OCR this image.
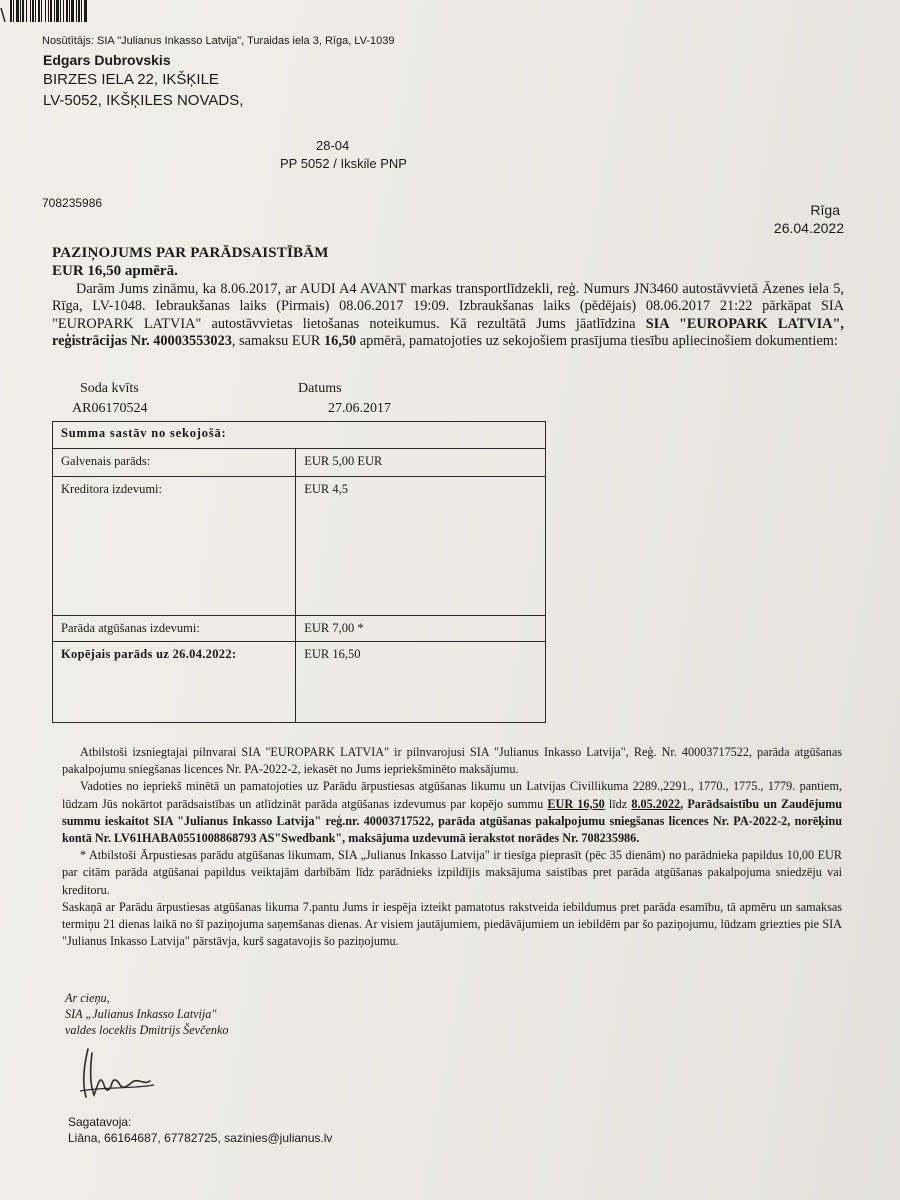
Nosūtītājs: SIA "Julianus Inkasso Latvija", Turaidas iela 3, Rīga, LV-1039
Edgars Dubrovskis
BIRZES IELA 22, IKŠĶILE
LV-5052, IKŠĶILES NOVADS,

28-04
PP 5052 / Ikskile PNP
708235986	Rīga
26.04.2022
PAZIŅOJUMS PAR PARĀDSAISTĪBĀM
EUR 16,50 apmērā.
Darām Jums zināmu, ka 8.06.2017, ar AUDI A4 AVANT markas transportlīdzekli, reģ. Numurs JN3460 autostāvvietā Āzenes iela 5, Rīga, LV-1048. Iebraukšanas laiks (Pirmais) 08.06.2017 19:09. Izbraukšanas laiks (pēdējais) 08.06.2017 21:22 pārkāpat SIA "EUROPARK LATVIA" autostāvvietas lietošanas noteikumus. Kā rezultātā Jums jāatlīdzina SIA "EUROPARK LATVIA", reģistrācijas Nr. 40003553023, samaksu EUR 16,50 apmērā, pamatojoties uz sekojošiem prasījuma tiesību apliecinošiem dokumentiem:
Soda kvīts	Datums
AR06170524	27.06.2017
Summa sastāv no sekojošā:	
Galvenais parāds:	EUR 5,00 EUR
Kreditora izdevumi:	EUR 4,5
Parāda atgūšanas izdevumi:	EUR 7,00 *
Kopējais parāds uz 26.04.2022:	EUR 16,50

Atbilstoši izsniegtajai pilnvarai SIA "EUROPARK LATVIA" ir pilnvarojusi SIA "Julianus Inkasso Latvija", Reģ. Nr. 40003717522, parāda atgūšanas pakalpojumu sniegšanas licences Nr. PA-2022-2, iekasēt no Jums iepriekšminēto maksājumu.

Vadoties no iepriekš minētā un pamatojoties uz Parādu ārpustiesas atgūšanas likumu un Latvijas Civillikuma 2289.,2291., 1770., 1775., 1779. pantiem, lūdzam Jūs nokārtot parādsaistības un atlīdzināt parāda atgūšanas izdevumus par kopējo summu EUR 16,50 līdz 8.05.2022, Parādsaistību un Zaudējumu summu ieskaitot SIA "Julianus Inkasso Latvija" reģ.nr. 40003717522, parāda atgūšanas pakalpojumu sniegšanas licences Nr. PA-2022-2, norēķinu kontā Nr. LV61HABA0551008868793 AS"Swedbank", maksājuma uzdevumā ierakstot norādes Nr. 708235986.

* Atbilstoši Ārpustiesas parādu atgūšanas likumam, SIA „Julianus Inkasso Latvija" ir tiesīga pieprasīt (pēc 35 dienām) no parādnieka papildus 10,00 EUR par citām parāda atgūšanai papildus veiktajām darbībām līdz parādnieks izpildījis maksājuma saistības pret parāda atgūšanas pakalpojuma sniedzēju vai kreditoru.

Saskaņā ar Parādu ārpustiesas atgūšanas likuma 7.pantu Jums ir iespēja izteikt pamatotus rakstveida iebildumus pret parāda esamību, tā apmēru un samaksas termiņu 21 dienas laikā no šī paziņojuma saņemšanas dienas. Ar visiem jautājumiem, piedāvājumiem un iebildēm par šo paziņojumu, lūdzam griezties pie SIA "Julianus Inkasso Latvija" pārstāvja, kurš sagatavojis šo paziņojumu.

Ar cieņu,
SIA „Julianus Inkasso Latvija"
valdes loceklis Dmitrijs Ševčenko
Sagatavoja:
Liāna, 66164687, 67782725, sazinies@julianus.lv
